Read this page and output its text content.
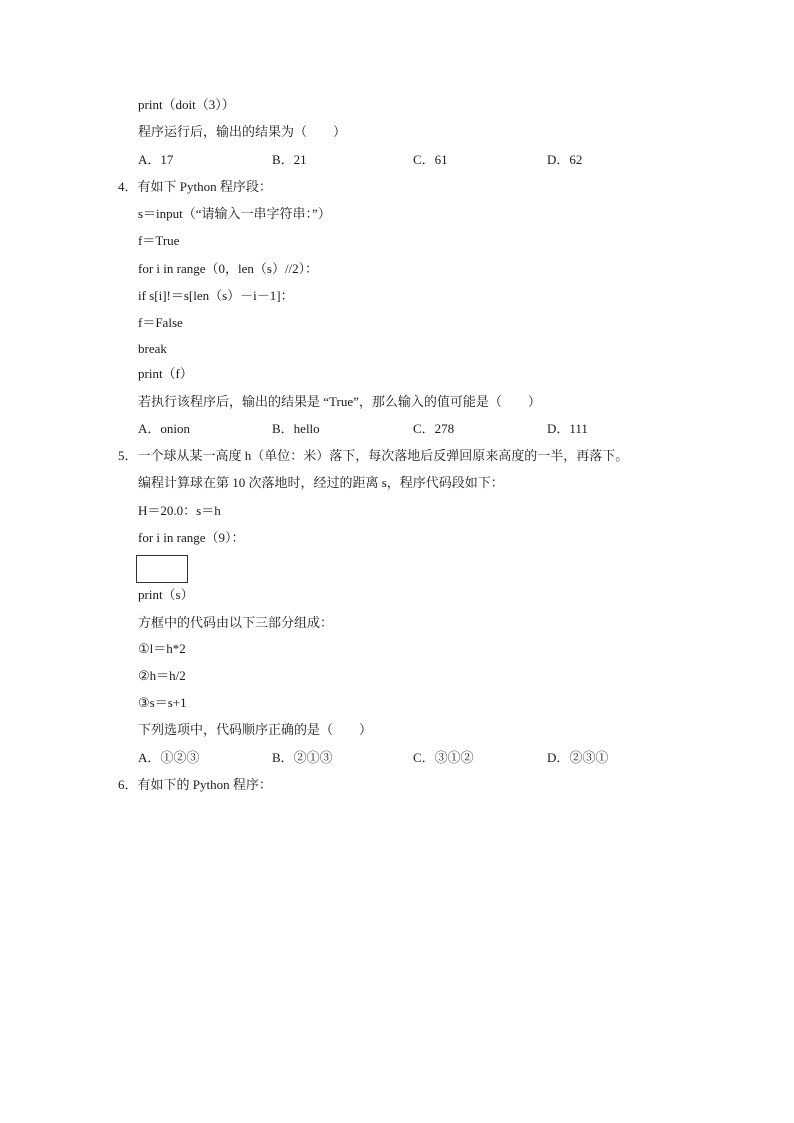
print（doit（3））
程序运行后，输出的结果为（　　）
A．17	B．21	C．61	D．62
4．有如下 Python 程序段：
s＝input（“请输入一串字符串：”）
f＝True
for i in range（0，len（s）//2）：
if s[i]!＝s[len（s）－i－1]：
f＝False
break
print（f）
若执行该程序后，输出的结果是 “True”，那么输入的值可能是（　　）
A．onion	B．hello	C．278	D．111
5．一个球从某一高度 h（单位：米）落下，每次落地后反弹回原来高度的一半，再落下。
编程计算球在第 10 次落地时，经过的距离 s，程序代码段如下：
H＝20.0：s＝h
for i in range（9）：
print（s）
方框中的代码由以下三部分组成：
①l＝h*2
②h＝h/2
③s＝s+1
下列选项中，代码顺序正确的是（　　）
A．①②③	B．②①③	C．③①②	D．②③①
6．有如下的 Python 程序：
